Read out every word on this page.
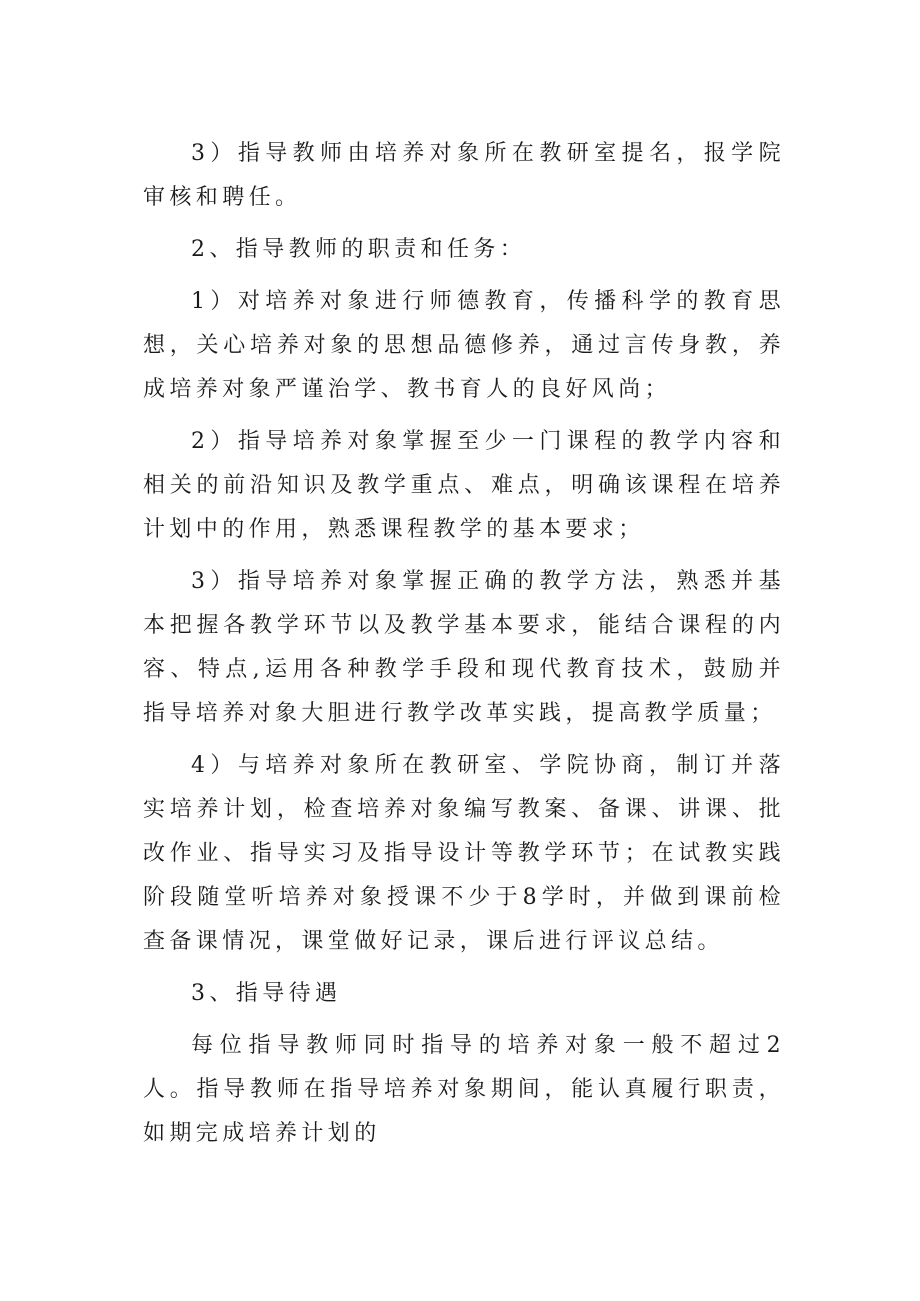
3）指导教师由培养对象所在教研室提名，报学院审核和聘任。

2、指导教师的职责和任务：

1）对培养对象进行师德教育，传播科学的教育思想，关心培养对象的思想品德修养，通过言传身教，养成培养对象严谨治学、教书育人的良好风尚；

2）指导培养对象掌握至少一门课程的教学内容和相关的前沿知识及教学重点、难点，明确该课程在培养计划中的作用，熟悉课程教学的基本要求；

3）指导培养对象掌握正确的教学方法，熟悉并基本把握各教学环节以及教学基本要求，能结合课程的内容、特点,运用各种教学手段和现代教育技术，鼓励并指导培养对象大胆进行教学改革实践，提高教学质量；

4）与培养对象所在教研室、学院协商，制订并落实培养计划，检查培养对象编写教案、备课、讲课、批改作业、指导实习及指导设计等教学环节；在试教实践阶段随堂听培养对象授课不少于8学时，并做到课前检查备课情况，课堂做好记录，课后进行评议总结。

3、指导待遇

每位指导教师同时指导的培养对象一般不超过2人。指导教师在指导培养对象期间，能认真履行职责，如期完成培养计划的
